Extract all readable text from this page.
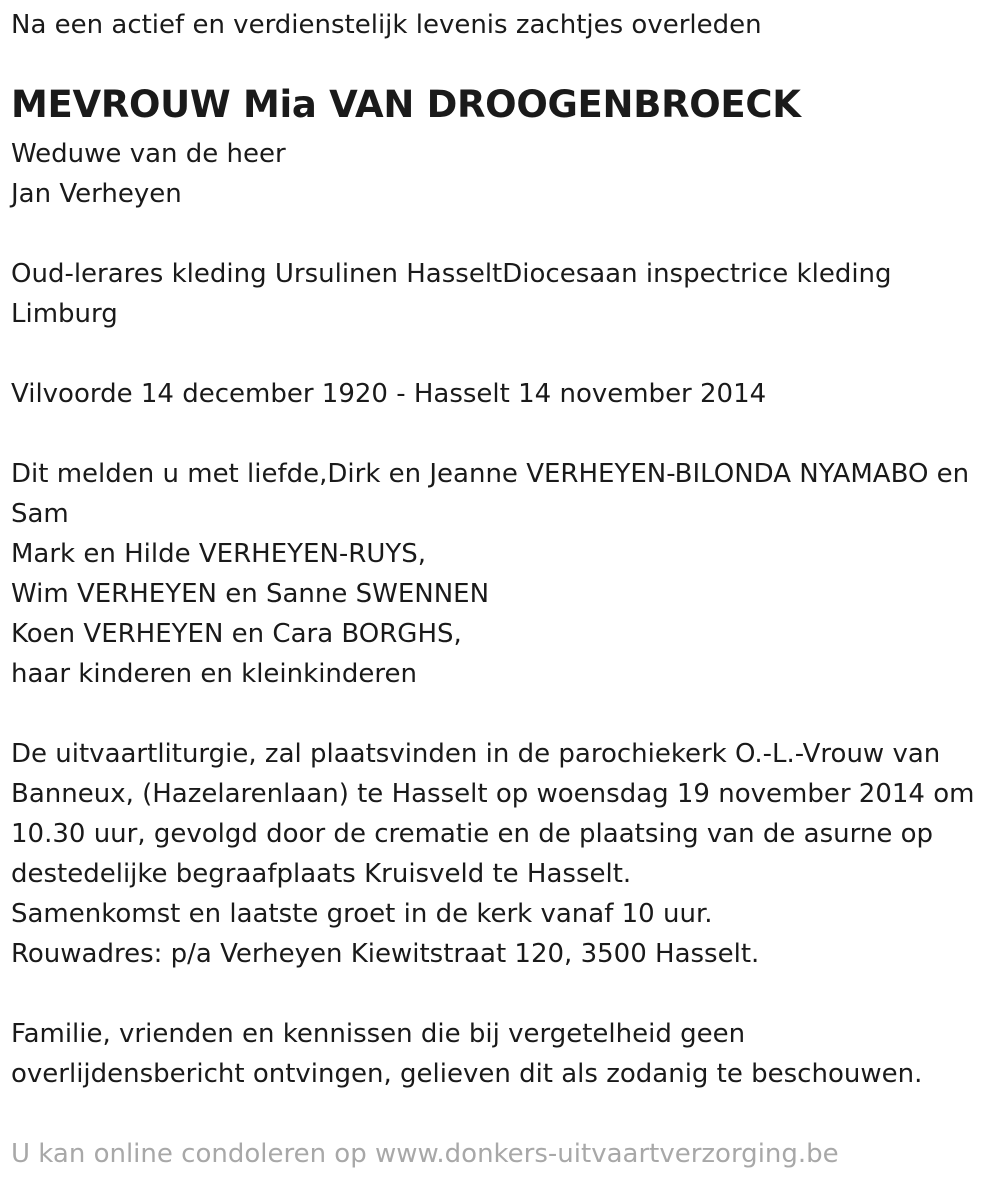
Na een actief en verdienstelijk levenis zachtjes overleden
MEVROUW Mia VAN DROOGENBROECK
Weduwe van de heer
Jan Verheyen
Oud-lerares kleding Ursulinen HasseltDiocesaan inspectrice kleding
Limburg
Vilvoorde 14 december 1920 - Hasselt 14 november 2014
Dit melden u met liefde,Dirk en Jeanne VERHEYEN-BILONDA NYAMABO en
Sam
Mark en Hilde VERHEYEN-RUYS,
Wim VERHEYEN en Sanne SWENNEN
Koen VERHEYEN en Cara BORGHS,
haar kinderen en kleinkinderen
De uitvaartliturgie, zal plaatsvinden in de parochiekerk O.-L.-Vrouw van
Banneux, (Hazelarenlaan) te Hasselt op woensdag 19 november 2014 om
10.30 uur, gevolgd door de crematie en de plaatsing van de asurne op
destedelijke begraafplaats Kruisveld te Hasselt.
Samenkomst en laatste groet in de kerk vanaf 10 uur.
Rouwadres: p/a Verheyen Kiewitstraat 120, 3500 Hasselt.
Familie, vrienden en kennissen die bij vergetelheid geen
overlijdensbericht ontvingen, gelieven dit als zodanig te beschouwen.
U kan online condoleren op www.donkers-uitvaartverzorging.be
